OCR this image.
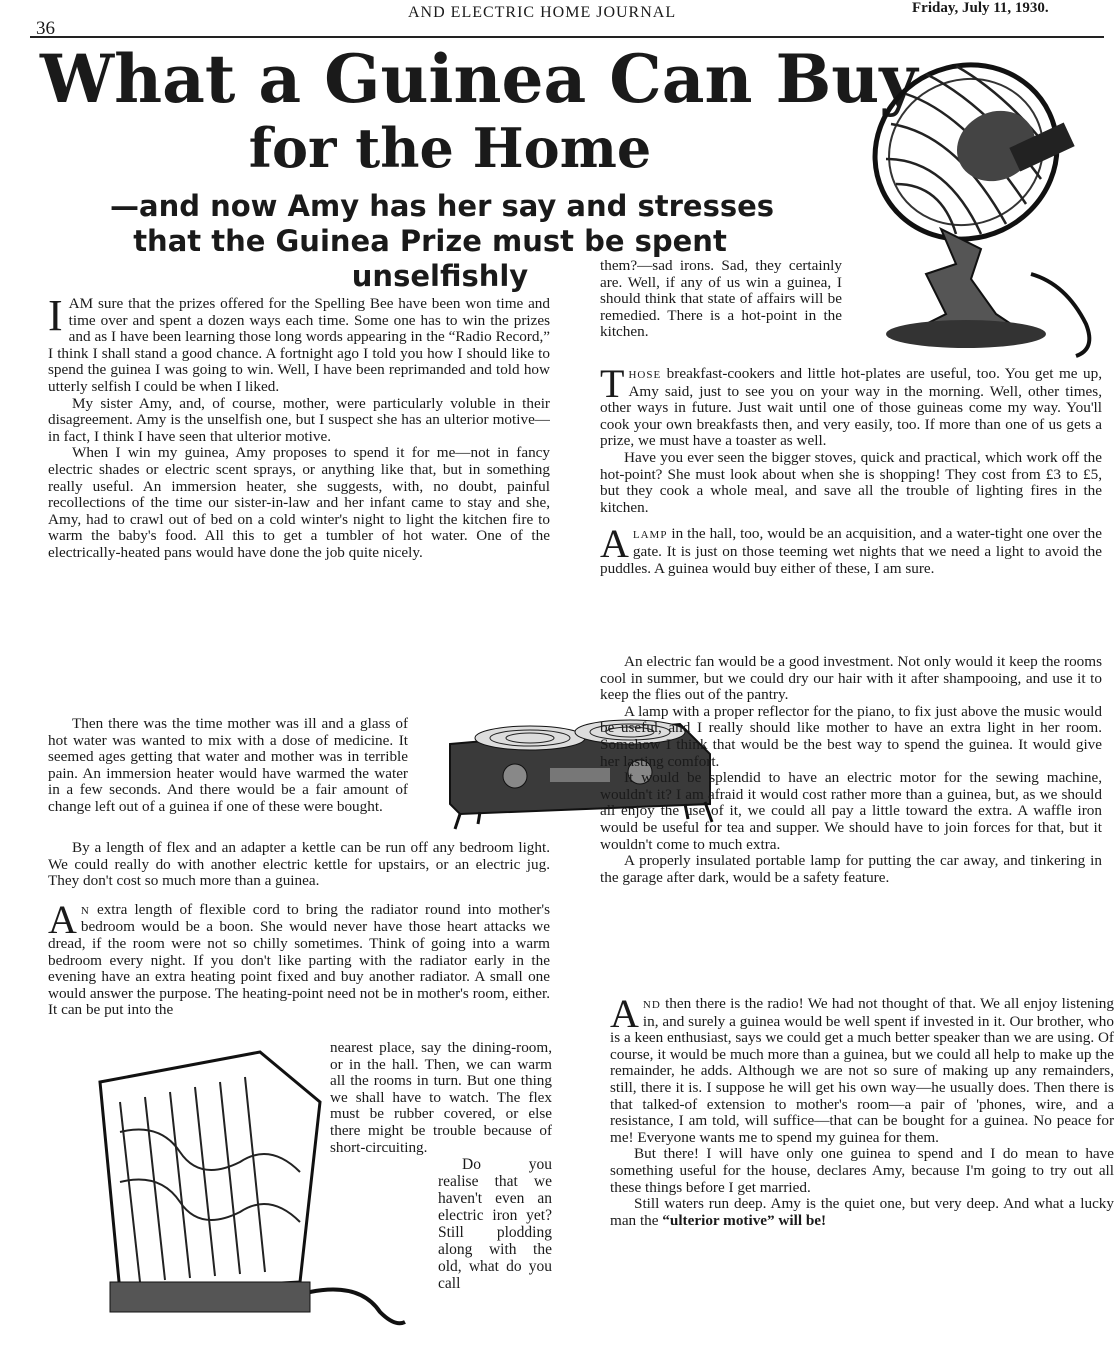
36
AND ELECTRIC HOME JOURNAL	Friday, July 11, 1930.
What a Guinea Can Buy
for the Home
—and now Amy has her say and stresses
that the Guinea Prize must be spent
unselfishly

IAM sure that the prizes offered for the Spelling Bee have been won time and time over and spent a dozen ways each time. Some one has to win the prizes and as I have been learning those long words appearing in the “Radio Record,” I think I shall stand a good chance. A fortnight ago I told you how I should like to spend the guinea I was going to win. Well, I have been reprimanded and told how utterly selfish I could be when I liked.

My sister Amy, and, of course, mother, were particularly voluble in their disagreement. Amy is the unselfish one, but I suspect she has an ulterior motive—in fact, I think I have seen that ulterior motive.

When I win my guinea, Amy proposes to spend it for me—not in fancy electric shades or electric scent sprays, or anything like that, but in something really useful. An immersion heater, she suggests, with, no doubt, painful recollections of the time our sister-in-law and her infant came to stay and she, Amy, had to crawl out of bed on a cold winter's night to light the kitchen fire to warm the baby's food. All this to get a tumbler of hot water. One of the electrically-heated pans would have done the job quite nicely.

Then there was the time mother was ill and a glass of hot water was wanted to mix with a dose of medicine. It seemed ages getting that water and mother was in terrible pain. An immersion heater would have warmed the water in a few seconds. And there would be a fair amount of change left out of a guinea if one of these were bought.

By a length of flex and an adapter a kettle can be run off any bedroom light. We could really do with another electric kettle for upstairs, or an electric jug. They don't cost so much more than a guinea.

A N extra length of flexible cord to bring the radiator round into mother's bedroom would be a boon. She would never have those heart attacks we dread, if the room were not so chilly sometimes. Think of going into a warm bedroom every night. If you don't like parting with the radiator early in the evening have an extra heating point fixed and buy another radiator. A small one would answer the purpose. The heating-point need not be in mother's room, either. It can be put into the

nearest place, say the dining-room, or in the hall. Then, we can warm all the rooms in turn. But one thing we shall have to watch. The flex must be rubber covered, or else there might be trouble because of short-circuiting.

Do you realise that we haven't even an electric iron yet? Still plodding along with the old, what do you call

them?—sad irons. Sad, they certainly are. Well, if any of us win a guinea, I should think that state of affairs will be remedied. There is a hot-point in the kitchen.

THOSE breakfast-cookers and little hot-plates are useful, too. You get me up, Amy said, just to see you on your way in the morning. Well, other times, other ways in future. Just wait until one of those guineas come my way. You'll cook your own breakfasts then, and very easily, too. If more than one of us gets a prize, we must have a toaster as well.

Have you ever seen the bigger stoves, quick and practical, which work off the hot-point? She must look about when she is shopping! They cost from £3 to £5, but they cook a whole meal, and save all the trouble of lighting fires in the kitchen.

ALAMP in the hall, too, would be an acquisition, and a water-tight one over the gate. It is just on those teeming wet nights that we need a light to avoid the puddles. A guinea would buy either of these, I am sure.

An electric fan would be a good investment. Not only would it keep the rooms cool in summer, but we could dry our hair with it after shampooing, and use it to keep the flies out of the pantry.

A lamp with a proper reflector for the piano, to fix just above the music would be useful, and I really should like mother to have an extra light in her room. Somehow I think that would be the best way to spend the guinea. It would give her lasting comfort.

It would be splendid to have an electric motor for the sewing machine, wouldn't it? I am afraid it would cost rather more than a guinea, but, as we should all enjoy the use of it, we could all pay a little toward the extra. A waffle iron would be useful for tea and supper. We should have to join forces for that, but it wouldn't come to much extra.

A properly insulated portable lamp for putting the car away, and tinkering in the garage after dark, would be a safety feature.

AND then there is the radio! We had not thought of that. We all enjoy listening in, and surely a guinea would be well spent if invested in it. Our brother, who is a keen enthusiast, says we could get a much better speaker than we are using. Of course, it would be much more than a guinea, but we could all help to make up the remainder, he adds. Although we are not so sure of making up any remainders, still, there it is. I suppose he will get his own way—he usually does. Then there is that talked-of extension to mother's room—a pair of 'phones, wire, and a resistance, I am told, will suffice—that can be bought for a guinea. No peace for me! Everyone wants me to spend my guinea for them.

But there! I will have only one guinea to spend and I do mean to have something useful for the house, declares Amy, because I'm going to try out all these things before I get married.

Still waters run deep. Amy is the quiet one, but very deep. And what a lucky man the “ulterior motive” will be!
